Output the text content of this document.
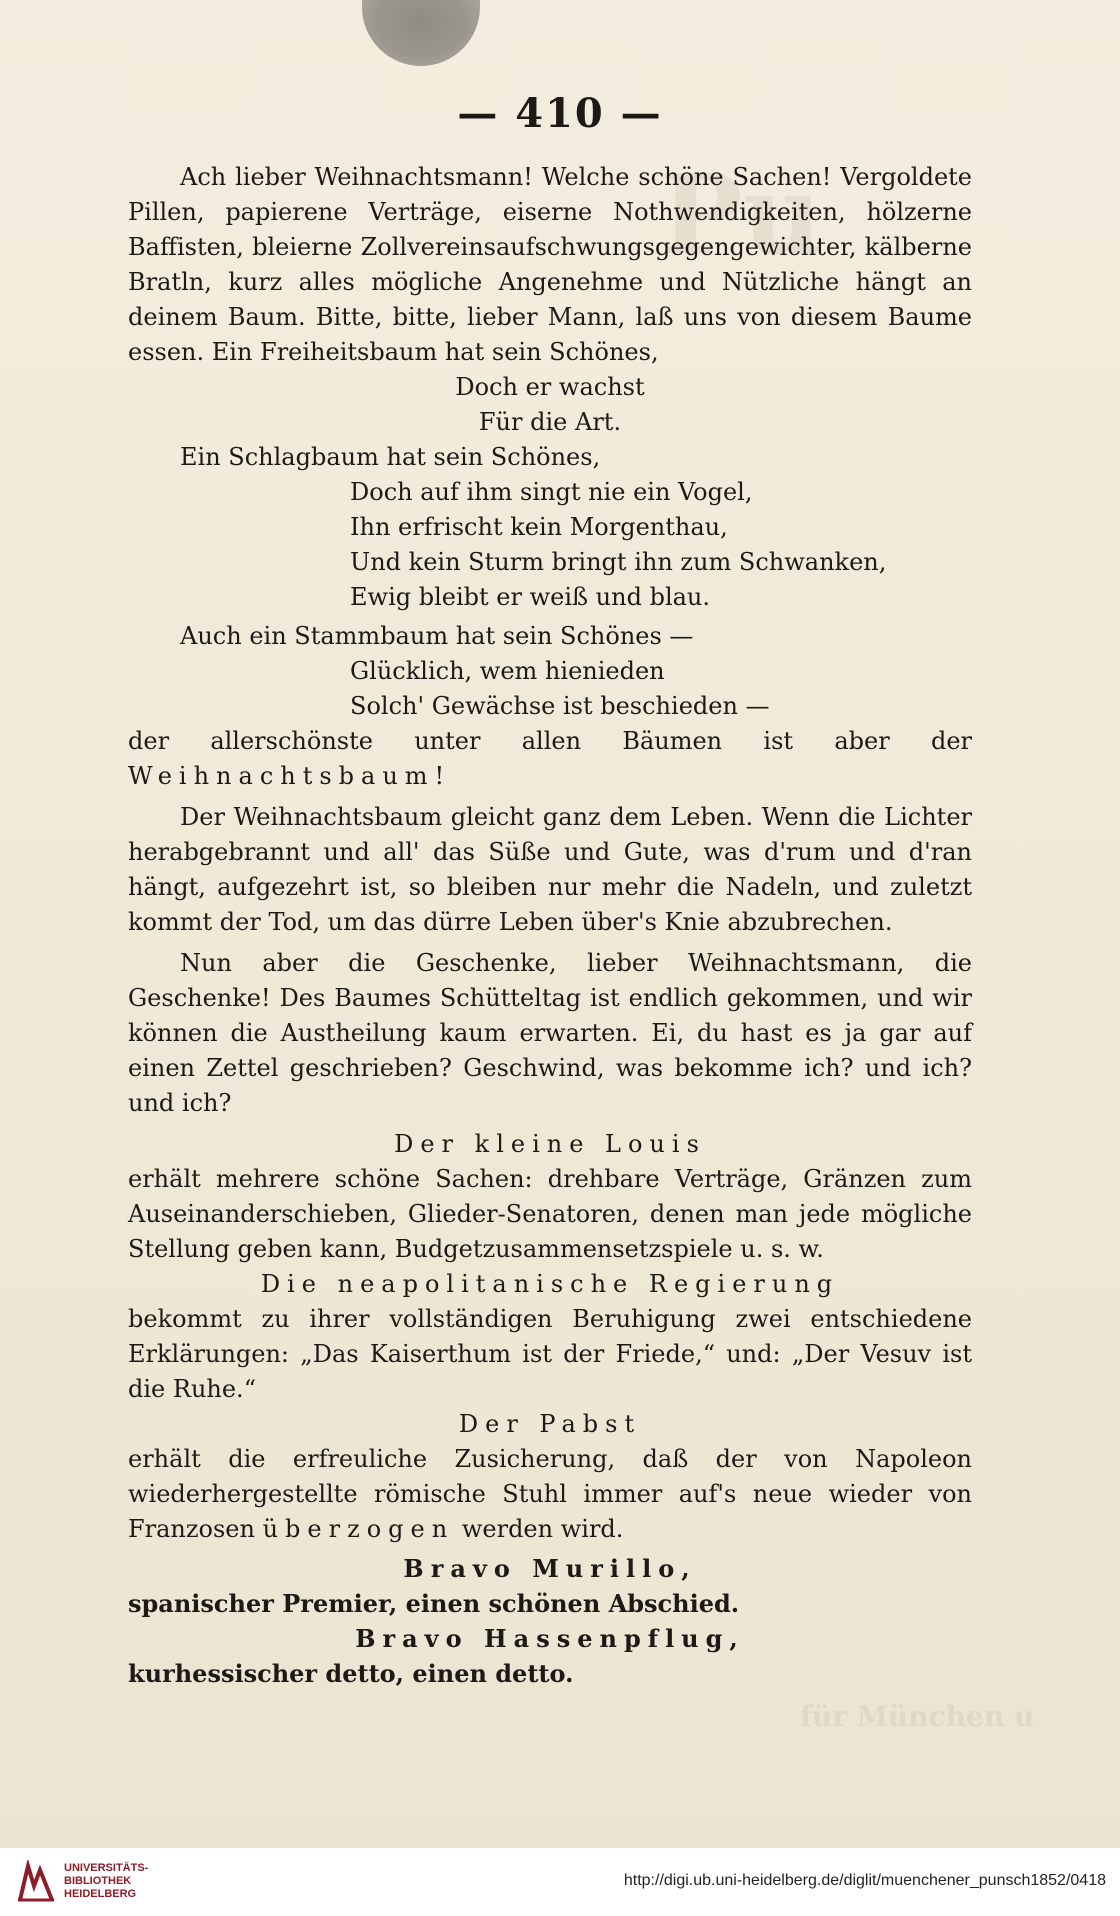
Pu
für München u
— 410 —

Ach lieber Weihnachtsmann! Welche schöne Sachen! Vergoldete Pillen, papierene Verträge, eiserne Nothwendigkeiten, hölzerne Baffisten, bleierne Zollvereinsaufschwungsgegengewichter, kälberne Bratln, kurz alles mögliche Angenehme und Nützliche hängt an deinem Baum. Bitte, bitte, lieber Mann, laß uns von diesem Baume essen. Ein Freiheitsbaum hat sein Schönes,

Doch er wachst

Für die Art.

Ein Schlagbaum hat sein Schönes,

Doch auf ihm singt nie ein Vogel,

Ihn erfrischt kein Morgenthau,

Und kein Sturm bringt ihn zum Schwanken,

Ewig bleibt er weiß und blau.

Auch ein Stammbaum hat sein Schönes —

Glücklich, wem hienieden

Solch' Gewächse ist beschieden —

der allerschönste unter allen Bäumen ist aber der Weihnachtsbaum!

Der Weihnachtsbaum gleicht ganz dem Leben. Wenn die Lichter herabgebrannt und all' das Süße und Gute, was d'rum und d'ran hängt, aufgezehrt ist, so bleiben nur mehr die Nadeln, und zuletzt kommt der Tod, um das dürre Leben über's Knie abzubrechen.

Nun aber die Geschenke, lieber Weihnachtsmann, die Geschenke! Des Baumes Schütteltag ist endlich gekommen, und wir können die Austheilung kaum erwarten. Ei, du hast es ja gar auf einen Zettel geschrieben? Geschwind, was bekomme ich? und ich? und ich?

Der kleine Louis

erhält mehrere schöne Sachen: drehbare Verträge, Gränzen zum Auseinanderschieben, Glieder-Senatoren, denen man jede mögliche Stellung geben kann, Budgetzusammensetzspiele u. s. w.

Die neapolitanische Regierung

bekommt zu ihrer vollständigen Beruhigung zwei entschiedene Erklärungen: „Das Kaiserthum ist der Friede,“ und: „Der Vesuv ist die Ruhe.“

Der Pabst

erhält die erfreuliche Zusicherung, daß der von Napoleon wiederhergestellte römische Stuhl immer auf's neue wieder von Franzosen überzogen werden wird.

Bravo Murillo,

spanischer Premier, einen schönen Abschied.

Bravo Hassenpflug,

kurhessischer detto, einen detto.

UNIVERSITÄTS-
BIBLIOTHEK
HEIDELBERG
http://digi.ub.uni-heidelberg.de/diglit/muenchener_punsch1852/0418
